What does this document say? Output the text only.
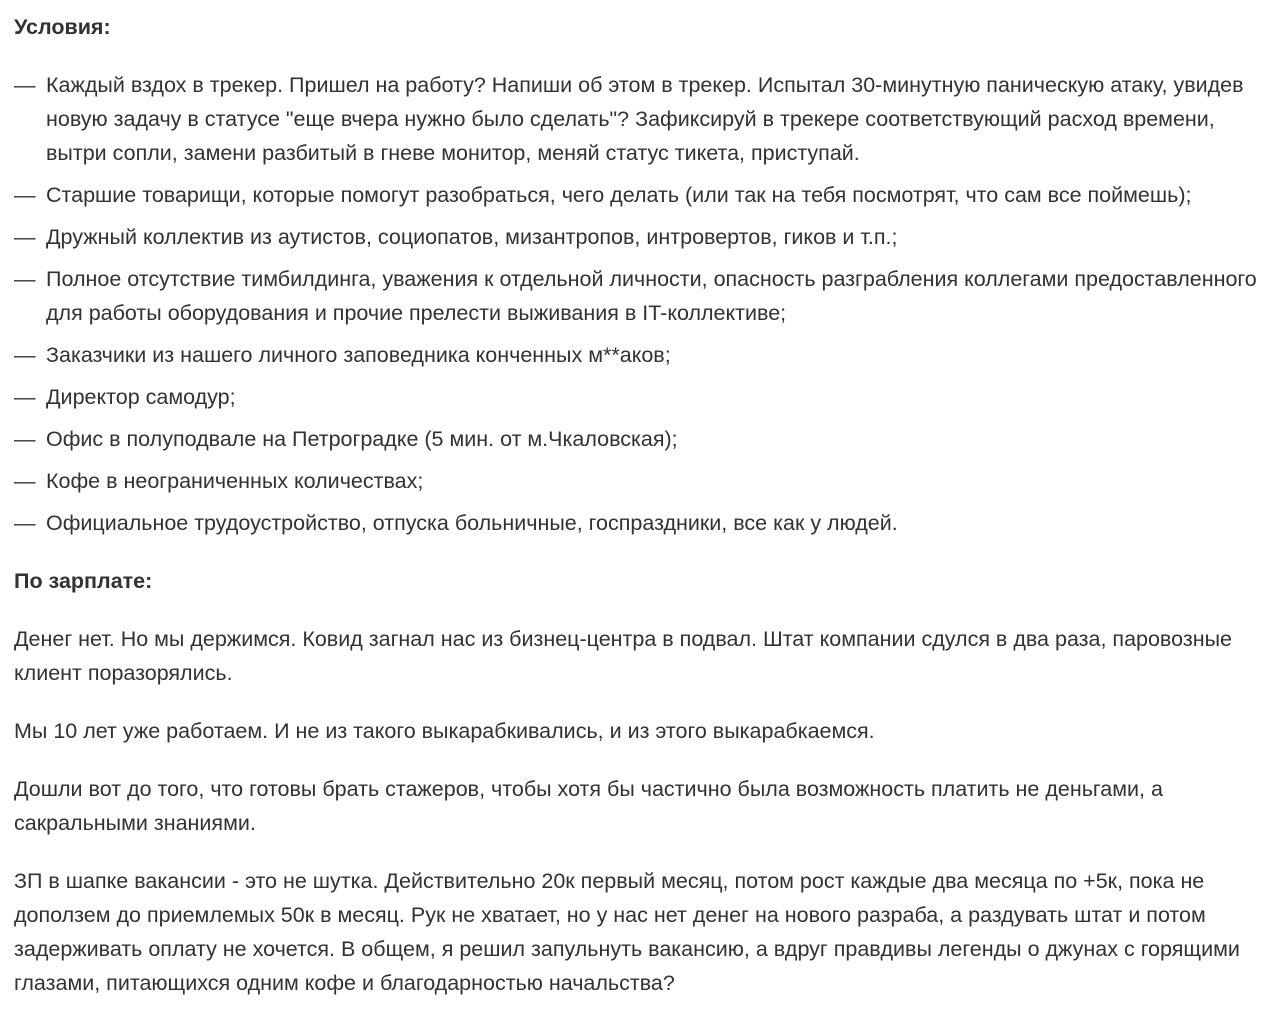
Условия:
— Каждый вздох в трекер. Пришел на работу? Напиши об этом в трекер. Испытал 30-минутную паническую атаку, увидев новую задачу в статусе "еще вчера нужно было сделать"? Зафиксируй в трекере соответствующий расход времени, вытри сопли, замени разбитый в гневе монитор, меняй статус тикета, приступай.
— Старшие товарищи, которые помогут разобраться, чего делать (или так на тебя посмотрят, что сам все поймешь);
— Дружный коллектив из аутистов, социопатов, мизантропов, интровертов, гиков и т.п.;
— Полное отсутствие тимбилдинга, уважения к отдельной личности, опасность разграбления коллегами предоставленного для работы оборудования и прочие прелести выживания в IT-коллективе;
— Заказчики из нашего личного заповедника конченных м**аков;
— Директор самодур;
— Офис в полуподвале на Петроградке (5 мин. от м.Чкаловская);
— Кофе в неограниченных количествах;
— Официальное трудоустройство, отпуска больничные, госпраздники, все как у людей.
По зарплате:

Денег нет. Но мы держимся. Ковид загнал нас из бизнец-центра в подвал. Штат компании сдулся в два раза, паровозные клиент поразорялись.

Мы 10 лет уже работаем. И не из такого выкарабкивались, и из этого выкарабкаемся.

Дошли вот до того, что готовы брать стажеров, чтобы хотя бы частично была возможность платить не деньгами, а сакральными знаниями.

ЗП в шапке вакансии - это не шутка. Действительно 20к первый месяц, потом рост каждые два месяца по +5к, пока не доползем до приемлемых 50к в месяц. Рук не хватает, но у нас нет денег на нового разраба, а раздувать штат и потом задерживать оплату не хочется. В общем, я решил запульнуть вакансию, а вдруг правдивы легенды о джунах с горящими глазами, питающихся одним кофе и благодарностью начальства?
